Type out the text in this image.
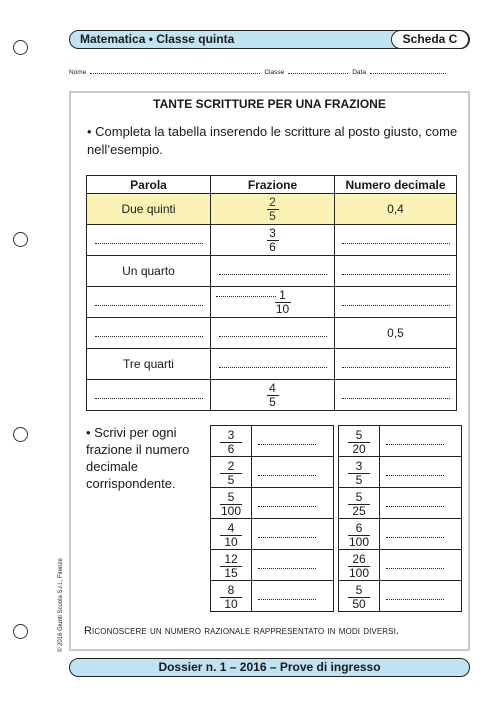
Matematica • Classe quinta	Scheda C
Nome	Classe	Data
TANTE SCRITTURE PER UNA FRAZIONE
• Completa la tabella inserendo le scritture al posto giusto, come nell’esempio.
Parola	Frazione	Numero decimale
Due quinti	$\frac{2}{5}$	0,4

	$\frac{3}{6}$

Un quarto		

	$\frac{1}{10}$

		0,5
Tre quarti		

	$\frac{4}{5}$

• Scrivi per ogni frazione il numero decimale corrispondente.
$\frac{3}{6}$

$\frac{2}{5}$

$\frac{5}{100}$

$\frac{4}{10}$

$\frac{12}{15}$

$\frac{8}{10}$

$\frac{5}{20}$

$\frac{3}{5}$

$\frac{5}{25}$

$\frac{6}{100}$

$\frac{26}{100}$

$\frac{5}{50}$

Riconoscere un numero razionale rappresentato in modi diversi.
© 2016 Giunti Scuola S.r.l., Firenze
Dossier n. 1 – 2016 – Prove di ingresso
